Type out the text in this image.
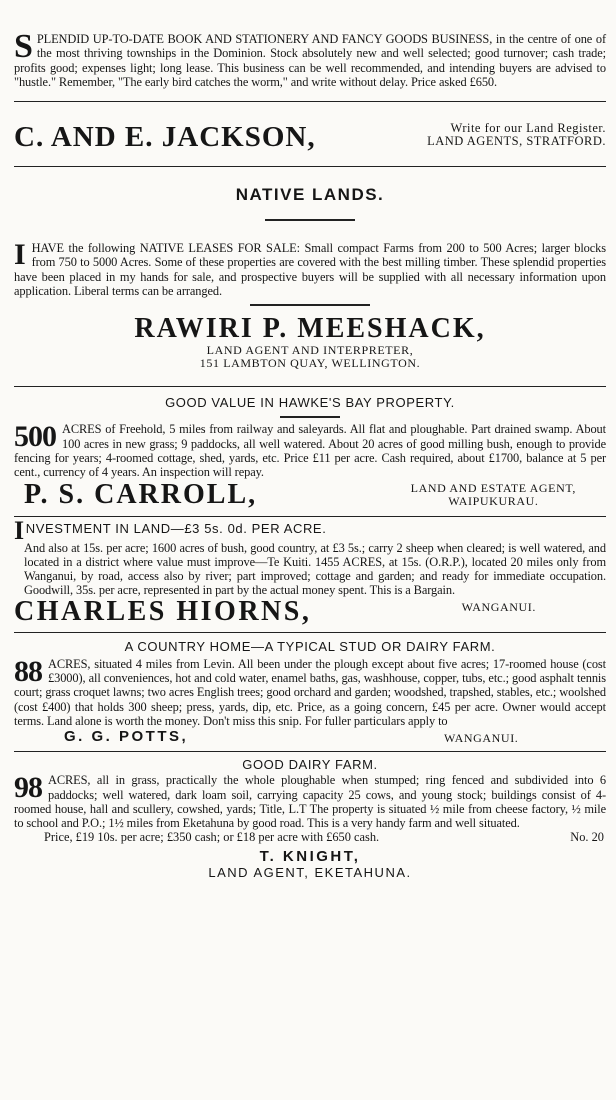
SPLENDID UP-TO-DATE BOOK AND STATIONERY AND FANCY GOODS BUSINESS, in the centre of one of the most thriving townships in the Dominion. Stock absolutely new and well selected; good turnover; cash trade; profits good; expenses light; long lease. This business can be well recommended, and intending buyers are advised to "hustle." Remember, "The early bird catches the worm," and write without delay. Price asked £650.

C. AND E. JACKSON,	Write for our Land Register.
LAND AGENTS, STRATFORD.
NATIVE LANDS.

IHAVE the following NATIVE LEASES FOR SALE: Small compact Farms from 200 to 500 Acres; larger blocks from 750 to 5000 Acres. Some of these properties are covered with the best milling timber. These splendid properties have been placed in my hands for sale, and prospective buyers will be supplied with all necessary information upon application. Liberal terms can be arranged.

RAWIRI P. MEESHACK,
LAND AGENT AND INTERPRETER,
151 LAMBTON QUAY, WELLINGTON.
GOOD VALUE IN HAWKE'S BAY PROPERTY.

500 ACRES of Freehold, 5 miles from railway and saleyards. All flat and ploughable. Part drained swamp. About 100 acres in new grass; 9 paddocks, all well watered. About 20 acres of good milling bush, enough to provide fencing for years; 4-roomed cottage, shed, yards, etc. Price £11 per acre. Cash required, about £1700, balance at 5 per cent., currency of 4 years. An inspection will repay.

P. S. CARROLL,	LAND AND ESTATE AGENT,
WAIPUKURAU.
INVESTMENT IN LAND—£3 5s. 0d. PER ACRE.

And also at 15s. per acre; 1600 acres of bush, good country, at £3 5s.; carry 2 sheep when cleared; is well watered, and located in a district where value must improve—Te Kuiti. 1455 ACRES, at 15s. (O.R.P.), located 20 miles only from Wanganui, by road, access also by river; part improved; cottage and garden; and ready for immediate occupation. Goodwill, 35s. per acre, represented in part by the actual money spent. This is a Bargain.

CHARLES HIORNS,	WANGANUI.
A COUNTRY HOME—A TYPICAL STUD OR DAIRY FARM.

88 ACRES, situated 4 miles from Levin. All been under the plough except about five acres; 17-roomed house (cost £3000), all conveniences, hot and cold water, enamel baths, gas, washhouse, copper, tubs, etc.; good asphalt tennis court; grass croquet lawns; two acres English trees; good orchard and garden; woodshed, trapshed, stables, etc.; woolshed (cost £400) that holds 300 sheep; press, yards, dip, etc. Price, as a going concern, £45 per acre. Owner would accept terms. Land alone is worth the money. Don't miss this snip. For fuller particulars apply to

G. G. POTTS,	WANGANUI.
GOOD DAIRY FARM.

98 ACRES, all in grass, practically the whole ploughable when stumped; ring fenced and subdivided into 6 paddocks; well watered, dark loam soil, carrying capacity 25 cows, and young stock; buildings consist of 4-roomed house, hall and scullery, cowshed, yards; Title, L.T The property is situated ½ mile from cheese factory, ½ mile to school and P.O.; 1½ miles from Eketahuna by good road. This is a very handy farm and well situated.

Price, £19 10s. per acre; £350 cash; or £18 per acre with £650 cash.	No. 20
T. KNIGHT,
LAND AGENT, EKETAHUNA.
